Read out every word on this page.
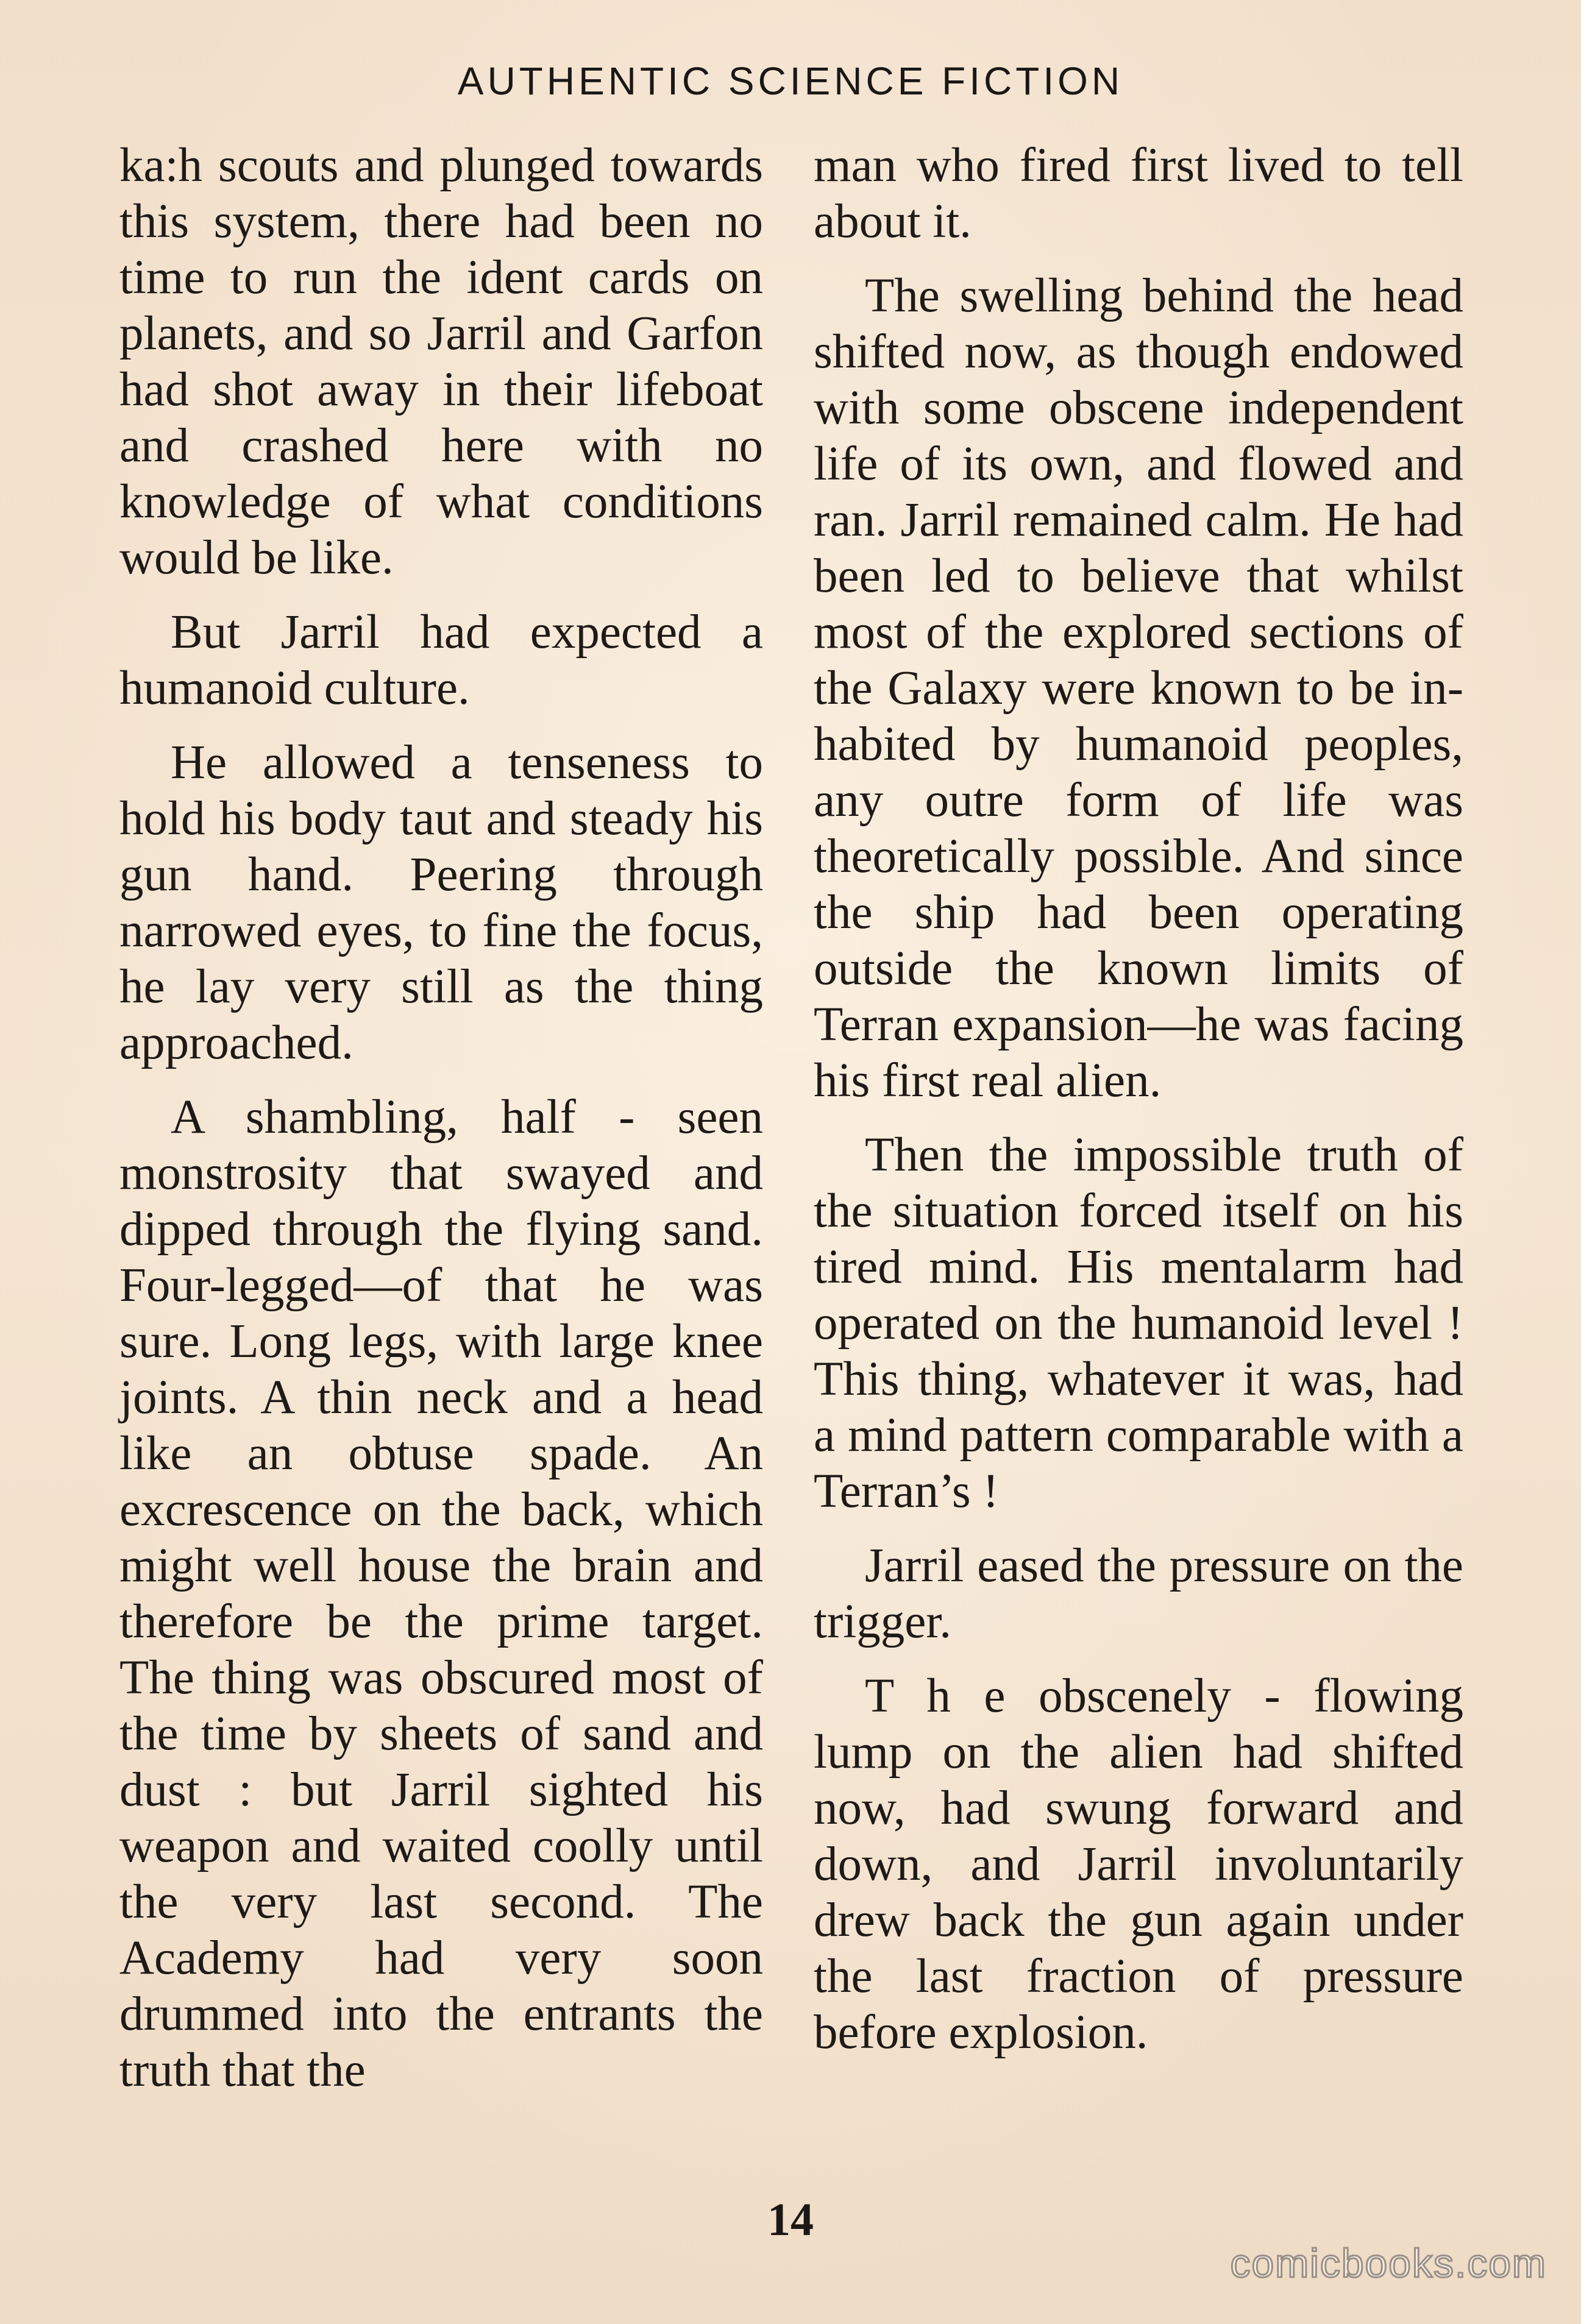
AUTHENTIC SCIENCE FICTION

ka:h scouts and plunged towards this system, there had been no time to run the ident cards on planets, and so Jarril and Garfon had shot away in their lifeboat and crashed here with no knowledge of what conditions would be like.

But Jarril had expected a humanoid culture.

He allowed a tenseness to hold his body taut and steady his gun hand. Peering through narrowed eyes, to fine the focus, he lay very still as the thing approached.

A shambling, half - seen monstrosity that swayed and dipped through the flying sand. Four-legged—of that he was sure. Long legs, with large knee joints. A thin neck and a head like an obtuse spade. An excrescence on the back, which might well house the brain and therefore be the prime target. The thing was obscured most of the time by sheets of sand and dust : but Jarril sighted his weapon and waited coolly until the very last second. The Academy had very soon drummed into the entrants the truth that the

man who fired first lived to tell about it.

The swelling behind the head shifted now, as though endowed with some obscene independent life of its own, and flowed and ran. Jarril remained calm. He had been led to believe that whilst most of the explored sections of the Galaxy were known to be inhabited by humanoid peoples, any outre form of life was theoretically possible. And since the ship had been operating outside the known limits of Terran expansion—he was facing his first real alien.

Then the impossible truth of the situation forced itself on his tired mind. His mentalarm had operated on the humanoid level ! This thing, whatever it was, had a mind pattern comparable with a Terran’s !

Jarril eased the pressure on the trigger.

T h e obscenely - flowing lump on the alien had shifted now, had swung forward and down, and Jarril involuntarily drew back the gun again under the last fraction of pressure before explosion.

14
comicbooks.com
